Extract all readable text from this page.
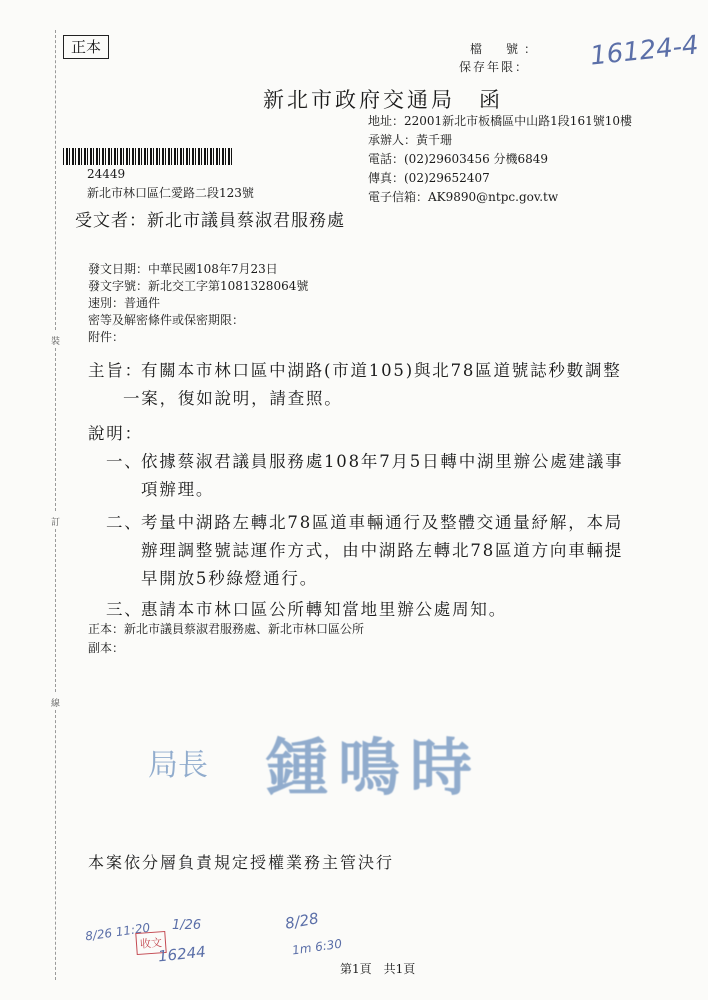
正本	檔　號：
保存年限： 16124-4
新北市政府交通局　函
地址：22001新北市板橋區中山路1段161號10樓
承辦人：黃千珊
電話：(02)29603456 分機6849
傳真：(02)29652407
電子信箱：AK9890@ntpc.gov.tw
24449
新北市林口區仁愛路二段123號
受文者：新北市議員蔡淑君服務處
發文日期：中華民國108年7月23日
發文字號：新北交工字第1081328064號
速別：普通件
密等及解密條件或保密期限：
附件：
裝
訂
線
主旨：
有關本市林口區中湖路(市道105)與北78區道號誌秒數調整
一案，復如說明，請查照。
說明：
一、
依據蔡淑君議員服務處108年7月5日轉中湖里辦公處建議事
項辦理。
二、
考量中湖路左轉北78區道車輛通行及整體交通量紓解，本局
辦理調整號誌運作方式，由中湖路左轉北78區道方向車輛提
早開放5秒綠燈通行。
三、
惠請本市林口區公所轉知當地里辦公處周知。
正本：新北市議員蔡淑君服務處、新北市林口區公所
副本：
局長 鍾鳴時
本案依分層負責規定授權業務主管決行
8/26 11:20
收文
1/26
16244
8/28
1m 6:30
第1頁　共1頁
